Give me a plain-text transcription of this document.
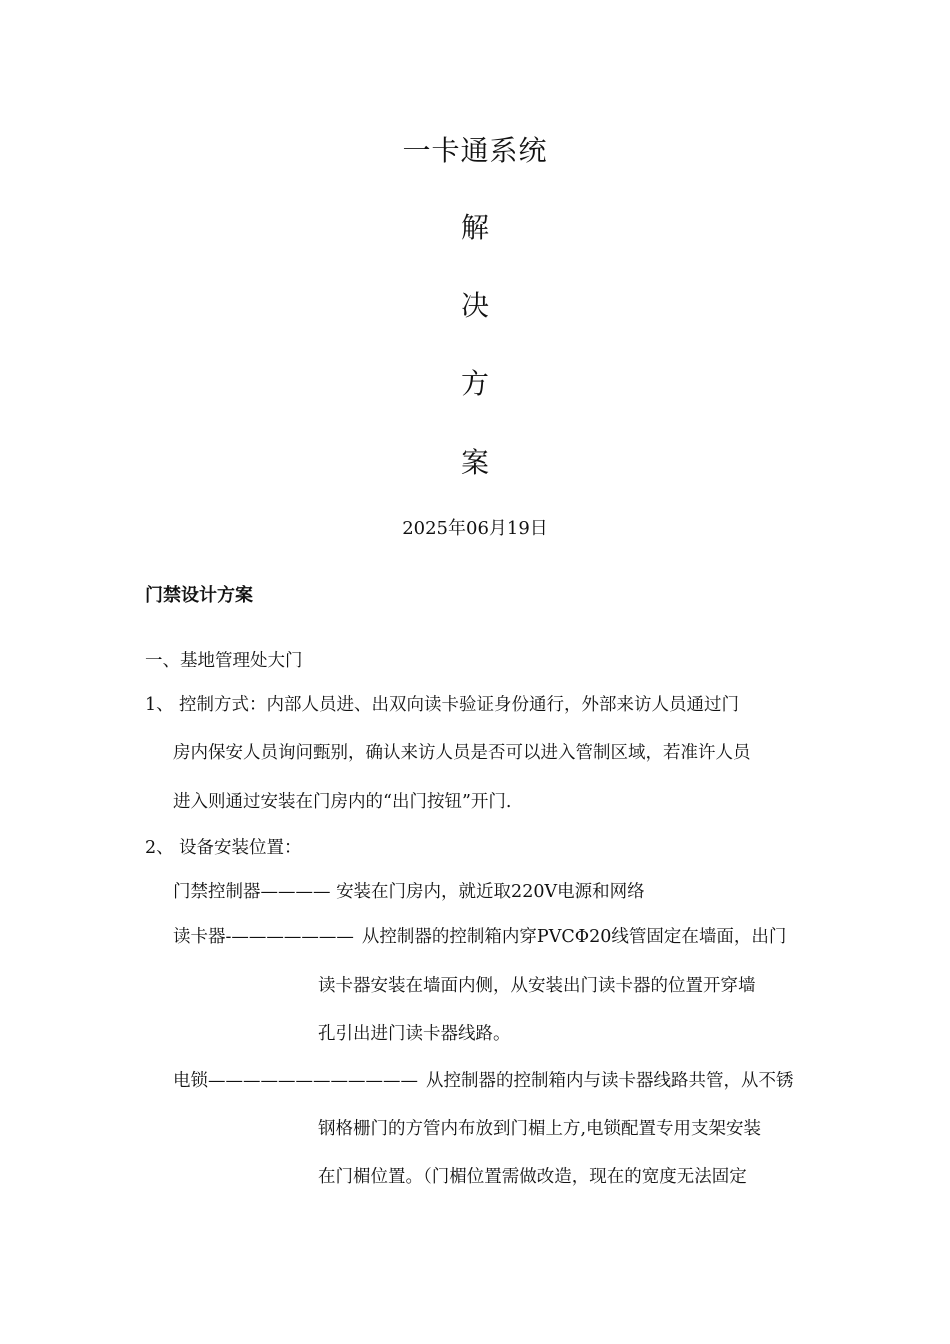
一卡通系统
解
决
方
案
2025年06月19日
门禁设计方案
一、基地管理处大门
1、 控制方式：内部人员进、出双向读卡验证身份通行，外部来访人员通过门
房内保安人员询问甄别，确认来访人员是否可以进入管制区域，若准许人员
进入则通过安装在门房内的“出门按钮”开门.
2、 设备安装位置：
门禁控制器———— 安装在门房内，就近取220V电源和网络
读卡器-——————— 从控制器的控制箱内穿PVCΦ20线管固定在墙面，出门
读卡器安装在墙面内侧，从安装出门读卡器的位置开穿墙
孔引出进门读卡器线路。
电锁———————————— 从控制器的控制箱内与读卡器线路共管，从不锈
钢格栅门的方管内布放到门楣上方,电锁配置专用支架安装
在门楣位置。（门楣位置需做改造，现在的宽度无法固定
